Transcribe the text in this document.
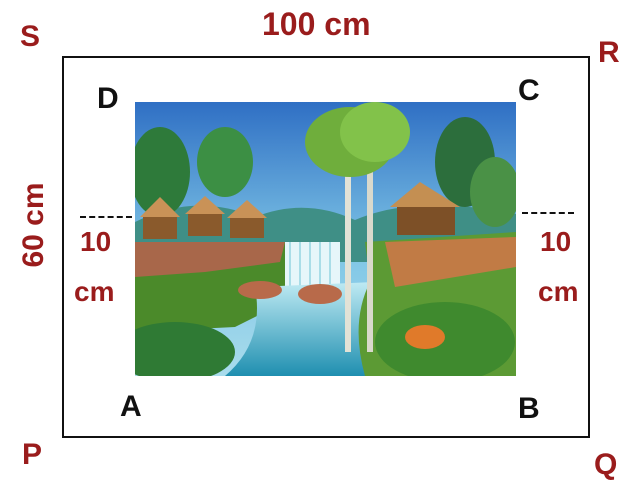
S	R
P	Q
D	C
A	B
100 cm
60 cm 10
cm
10
cm
